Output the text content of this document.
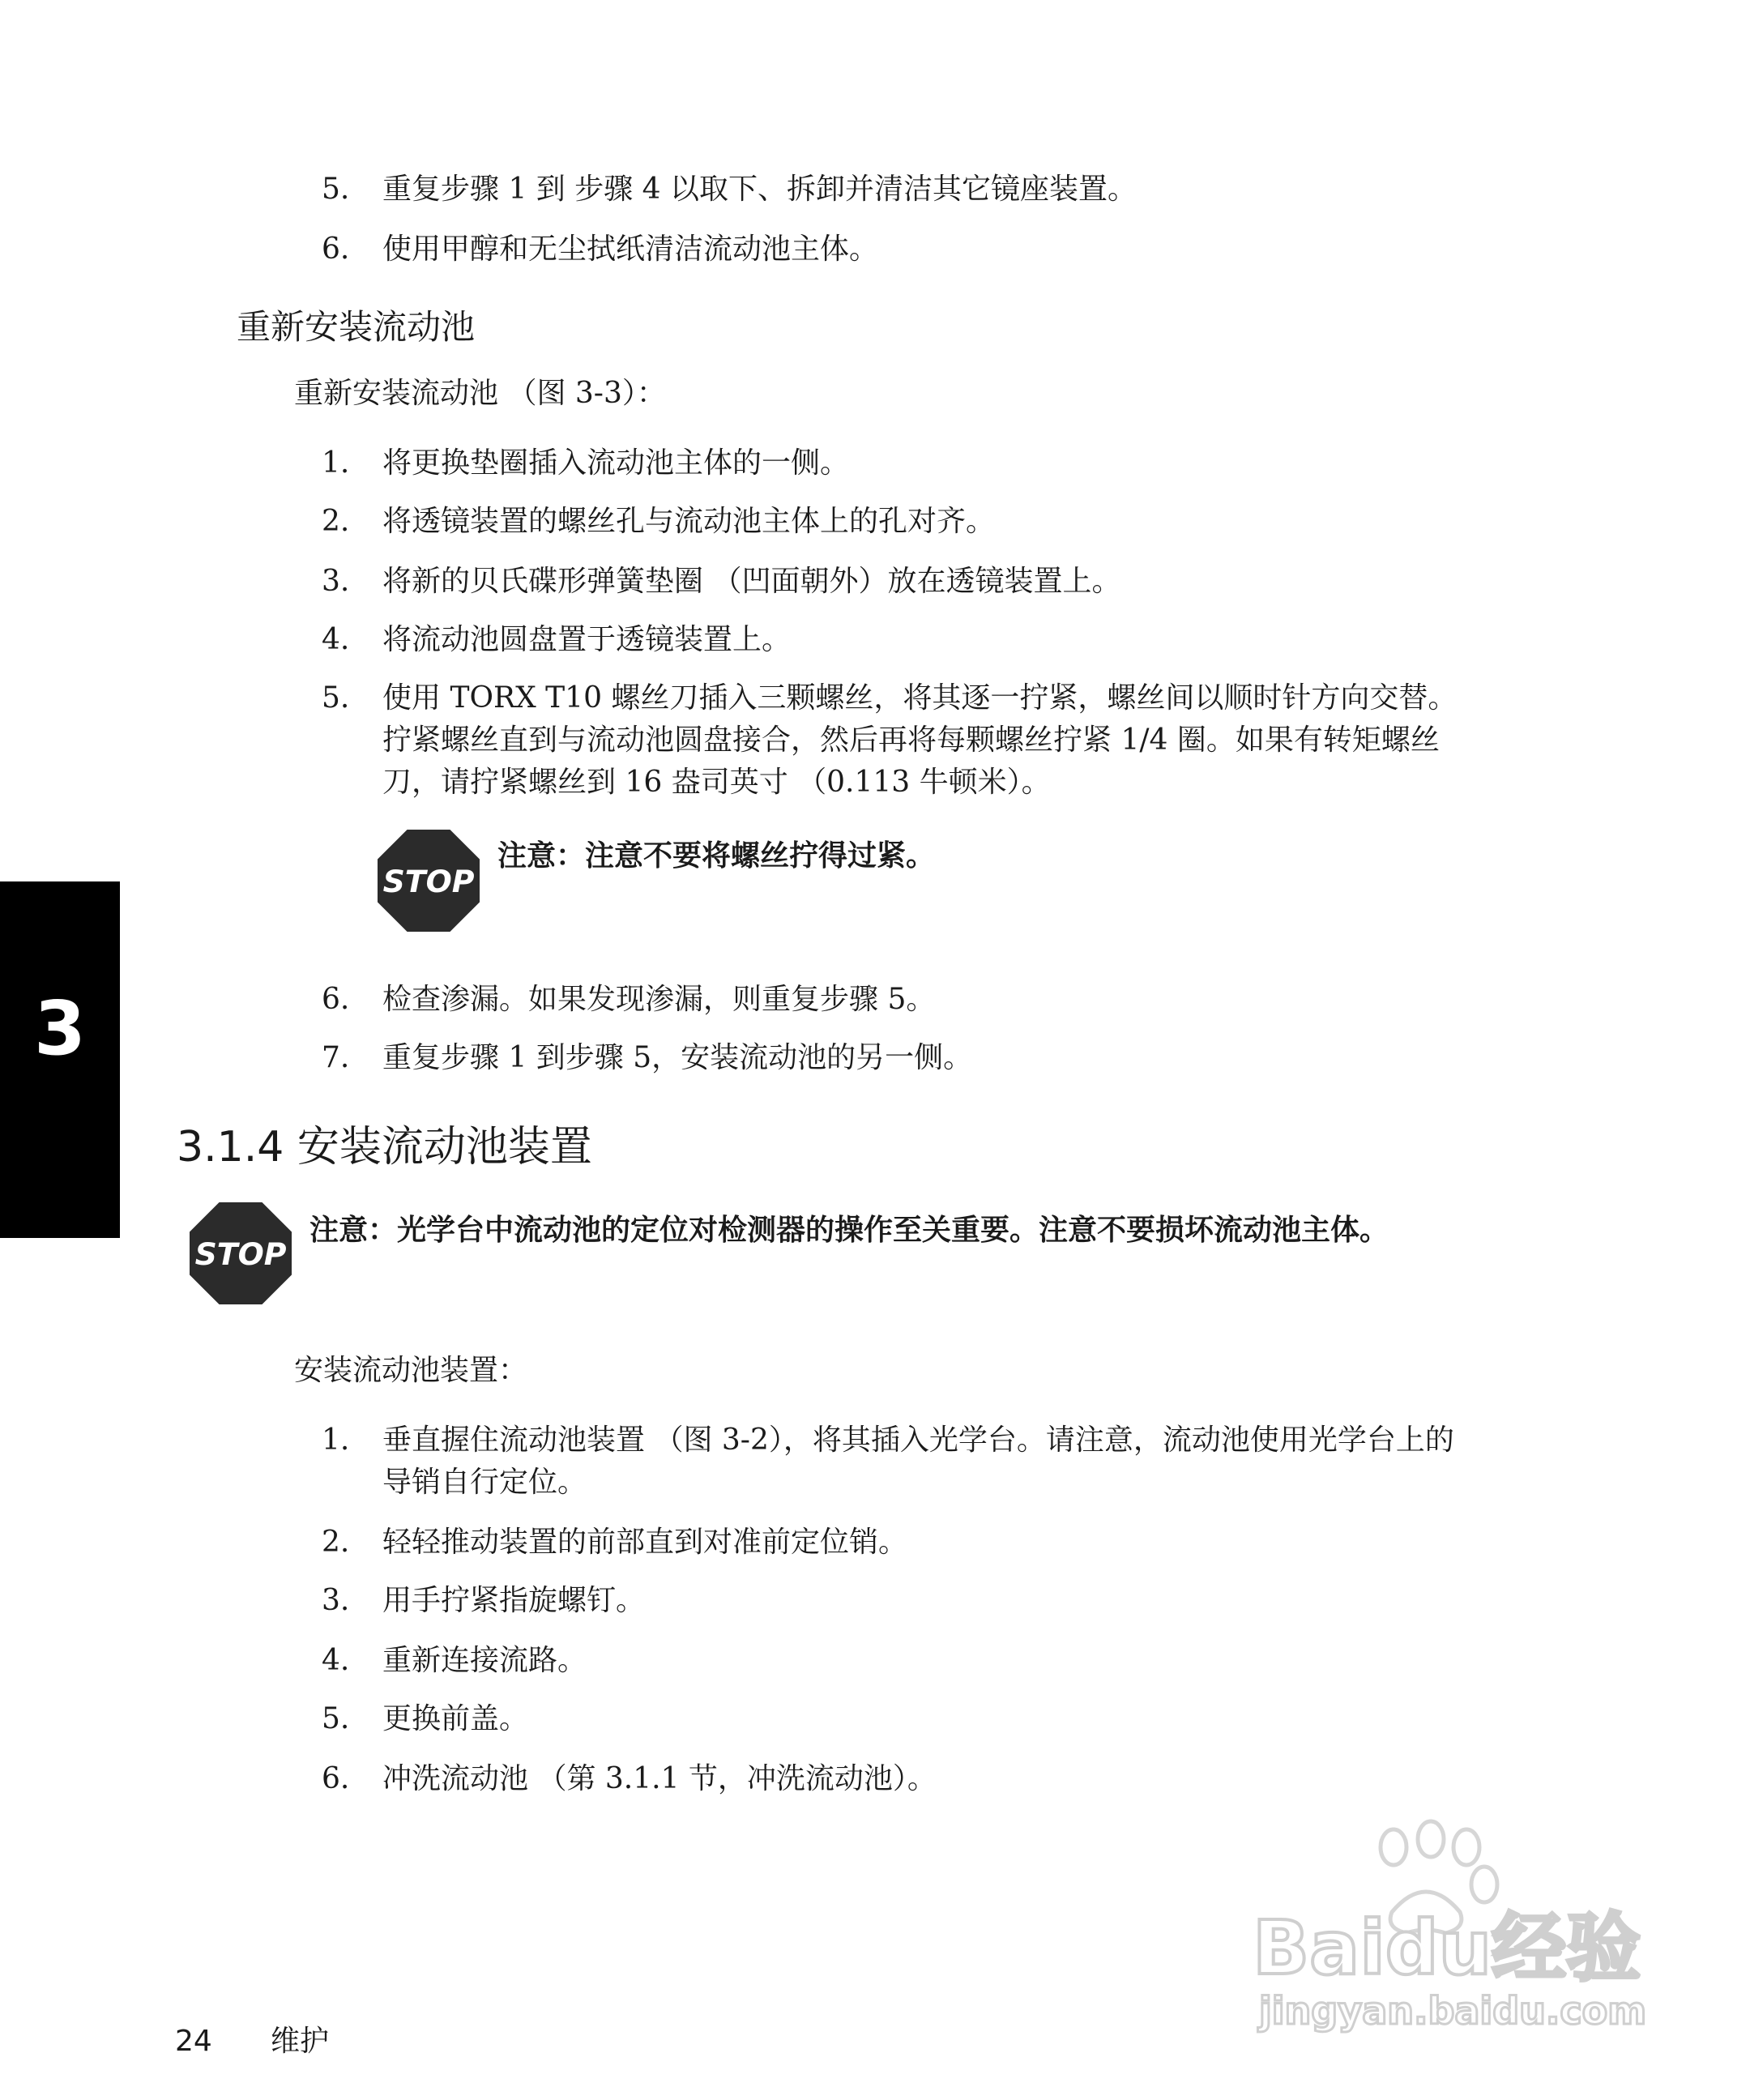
5. 重复步骤 1 到 步骤 4 以取下、拆卸并清洁其它镜座装置。
6. 使用甲醇和无尘拭纸清洁流动池主体。
重新安装流动池
重新安装流动池 （图 3-3）：
1. 将更换垫圈插入流动池主体的一侧。
2. 将透镜装置的螺丝孔与流动池主体上的孔对齐。
3. 将新的贝氏碟形弹簧垫圈 （凹面朝外）放在透镜装置上。
4. 将流动池圆盘置于透镜装置上。
5. 使用 TORX T10 螺丝刀插入三颗螺丝，将其逐一拧紧，螺丝间以顺时针方向交替。
拧紧螺丝直到与流动池圆盘接合，然后再将每颗螺丝拧紧 1/4 圈。如果有转矩螺丝
刀，请拧紧螺丝到 16 盎司英寸 （0.113 牛顿米）。
STOP
注意：注意不要将螺丝拧得过紧。
6. 检查渗漏。如果发现渗漏，则重复步骤 5。
7. 重复步骤 1 到步骤 5，安装流动池的另一侧。
3
3.1.4 安装流动池装置
STOP
注意：光学台中流动池的定位对检测器的操作至关重要。注意不要损坏流动池主体。
安装流动池装置：
1. 垂直握住流动池装置 （图 3-2），将其插入光学台。请注意，流动池使用光学台上的
导销自行定位。
2. 轻轻推动装置的前部直到对准前定位销。
3. 用手拧紧指旋螺钉。
4. 重新连接流路。
5. 更换前盖。
6. 冲洗流动池 （第 3.1.1 节，冲洗流动池）。
Baidu经验
jingyan.baidu.com
24 维护
